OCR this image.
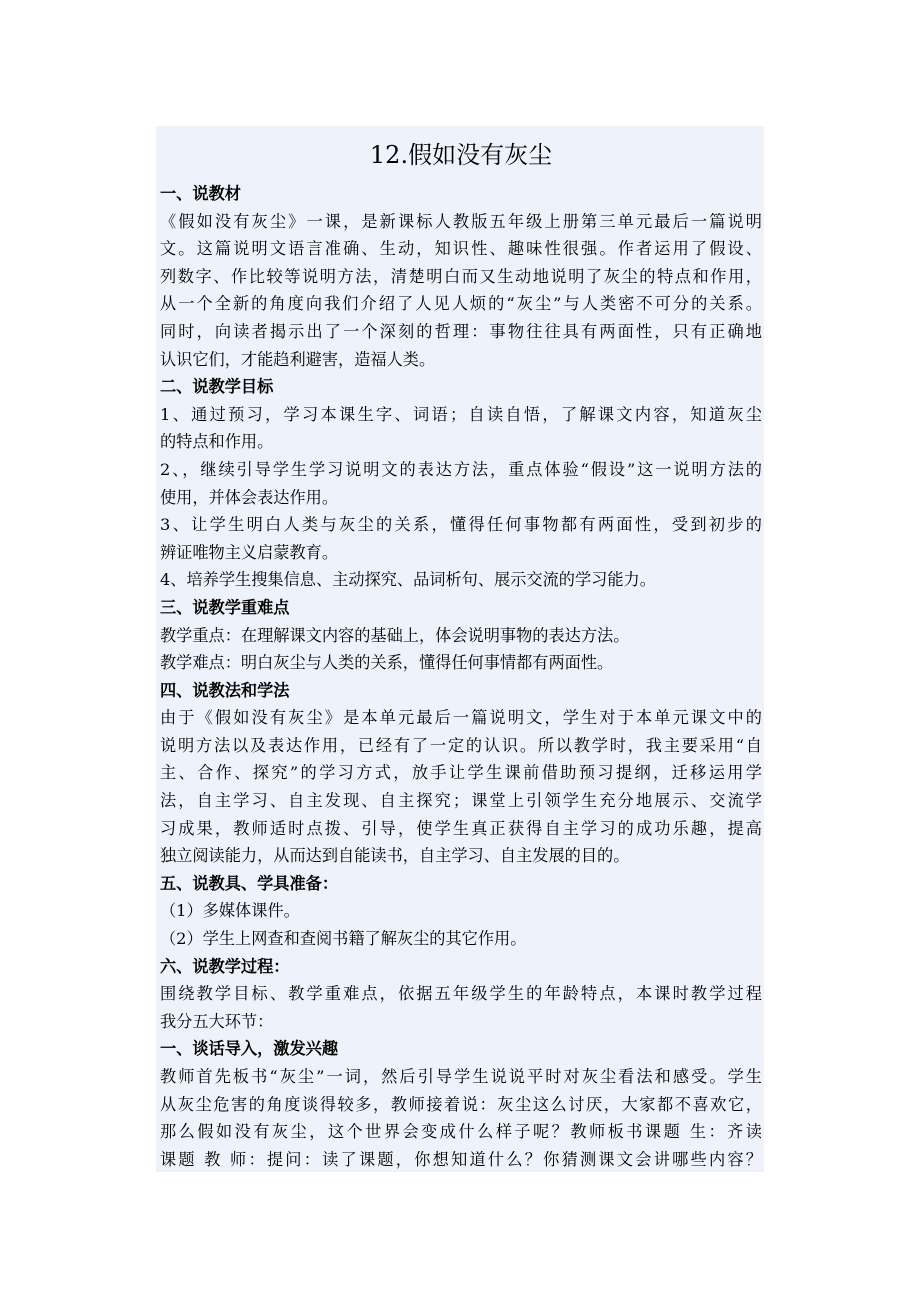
12.假如没有灰尘
一、说教材
《假如没有灰尘》一课，是新课标人教版五年级上册第三单元最后一篇说明
文。这篇说明文语言准确、生动，知识性、趣味性很强。作者运用了假设、
列数字、作比较等说明方法，清楚明白而又生动地说明了灰尘的特点和作用，
从一个全新的角度向我们介绍了人见人烦的“灰尘”与人类密不可分的关系。
同时，向读者揭示出了一个深刻的哲理：事物往往具有两面性，只有正确地
认识它们，才能趋利避害，造福人类。
二、说教学目标
1、通过预习，学习本课生字、词语；自读自悟，了解课文内容，知道灰尘
的特点和作用。
2、，继续引导学生学习说明文的表达方法，重点体验“假设”这一说明方法的
使用，并体会表达作用。
3、让学生明白人类与灰尘的关系，懂得任何事物都有两面性，受到初步的
辨证唯物主义启蒙教育。
4、培养学生搜集信息、主动探究、品词析句、展示交流的学习能力。
三、说教学重难点
教学重点：在理解课文内容的基础上，体会说明事物的表达方法。
教学难点：明白灰尘与人类的关系，懂得任何事情都有两面性。
四、说教法和学法
由于《假如没有灰尘》是本单元最后一篇说明文，学生对于本单元课文中的
说明方法以及表达作用，已经有了一定的认识。所以教学时，我主要采用“自
主、合作、探究”的学习方式，放手让学生课前借助预习提纲，迁移运用学
法，自主学习、自主发现、自主探究；课堂上引领学生充分地展示、交流学
习成果，教师适时点拨、引导，使学生真正获得自主学习的成功乐趣，提高
独立阅读能力，从而达到自能读书，自主学习、自主发展的目的。
五、说教具、学具准备：
（1）多媒体课件。
（2）学生上网查和查阅书籍了解灰尘的其它作用。
六、说教学过程：
围绕教学目标、教学重难点，依据五年级学生的年龄特点，本课时教学过程
我分五大环节：
一、谈话导入，激发兴趣
教师首先板书“灰尘”一词，然后引导学生说说平时对灰尘看法和感受。学生
从灰尘危害的角度谈得较多，教师接着说：灰尘这么讨厌，大家都不喜欢它，
那么假如没有灰尘，这个世界会变成什么样子呢？教师板书课题 生：齐读
课题 教 师：提问：读了课题，你想知道什么？你猜测课文会讲哪些内容？
